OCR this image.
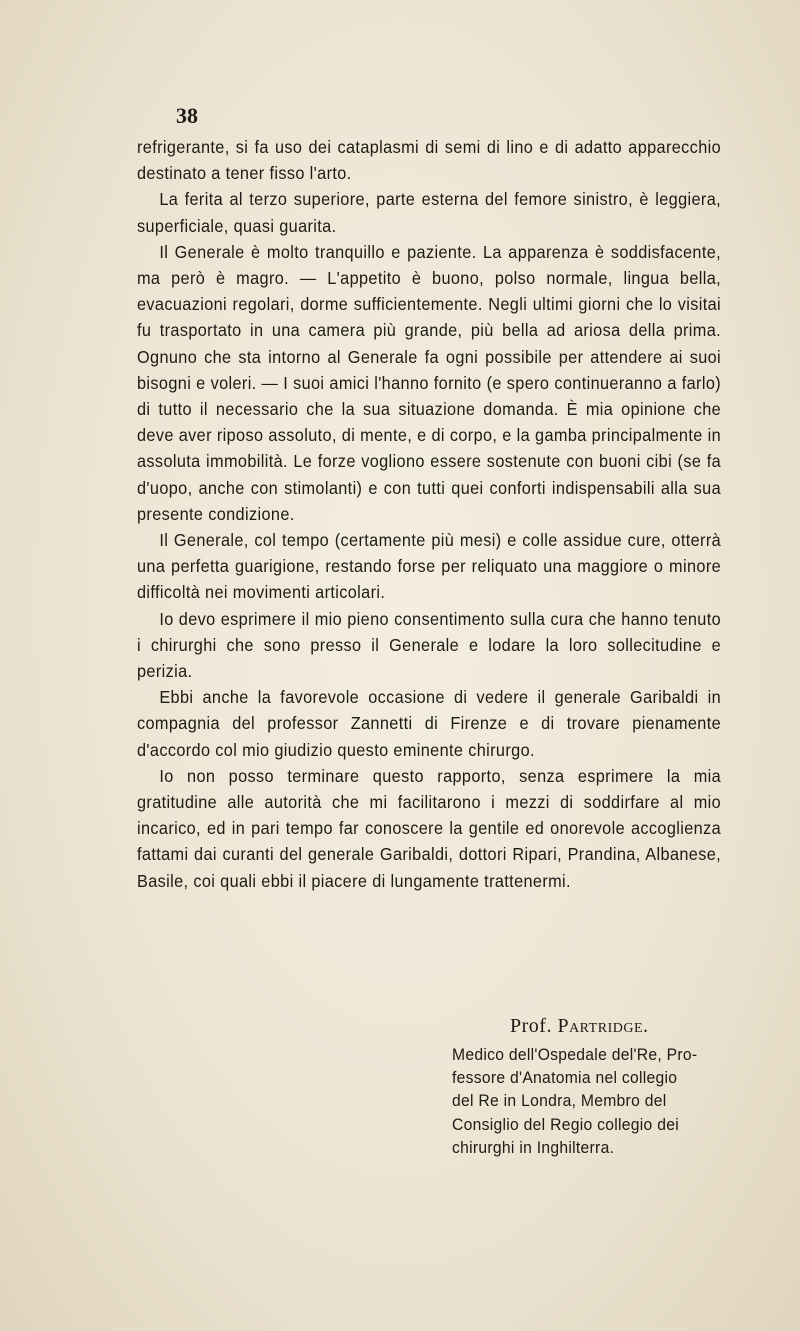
38

refrigerante, si fa uso dei cataplasmi di semi di lino e di adatto apparecchio destinato a tener fisso l'arto.

La ferita al terzo superiore, parte esterna del femore sinistro, è leggiera, superficiale, quasi guarita.

Il Generale è molto tranquillo e paziente. La apparenza è soddisfacente, ma però è magro. — L'appetito è buono, polso normale, lingua bella, evacuazioni regolari, dorme sufficientemente. Negli ultimi giorni che lo visitai fu trasportato in una camera più grande, più bella ad ariosa della prima. Ognuno che sta intorno al Generale fa ogni possibile per attendere ai suoi bisogni e voleri. — I suoi amici l'hanno fornito (e spero continueranno a farlo) di tutto il necessario che la sua situazione domanda. È mia opinione che deve aver riposo assoluto, di mente, e di corpo, e la gamba principalmente in assoluta immobilità. Le forze vogliono essere sostenute con buoni cibi (se fa d'uopo, anche con stimolanti) e con tutti quei conforti indispensabili alla sua presente condizione.

Il Generale, col tempo (certamente più mesi) e colle assidue cure, otterrà una perfetta guarigione, restando forse per reliquato una maggiore o minore difficoltà nei movimenti articolari.

Io devo esprimere il mio pieno consentimento sulla cura che hanno tenuto i chirurghi che sono presso il Generale e lodare la loro sollecitudine e perizia.

Ebbi anche la favorevole occasione di vedere il generale Garibaldi in compagnia del professor Zannetti di Firenze e di trovare pienamente d'accordo col mio giudizio questo eminente chirurgo.

Io non posso terminare questo rapporto, senza esprimere la mia gratitudine alle autorità che mi facilitarono i mezzi di soddirfare al mio incarico, ed in pari tempo far conoscere la gentile ed onorevole accoglienza fattami dai curanti del generale Garibaldi, dottori Ripari, Prandina, Albanese, Basile, coi quali ebbi il piacere di lungamente trattenermi.

Prof. Partridge.
Medico dell'Ospedale del'Re, Pro-
fessore d'Anatomia nel collegio
del Re in Londra, Membro del
Consiglio del Regio collegio dei
chirurghi in Inghilterra.
